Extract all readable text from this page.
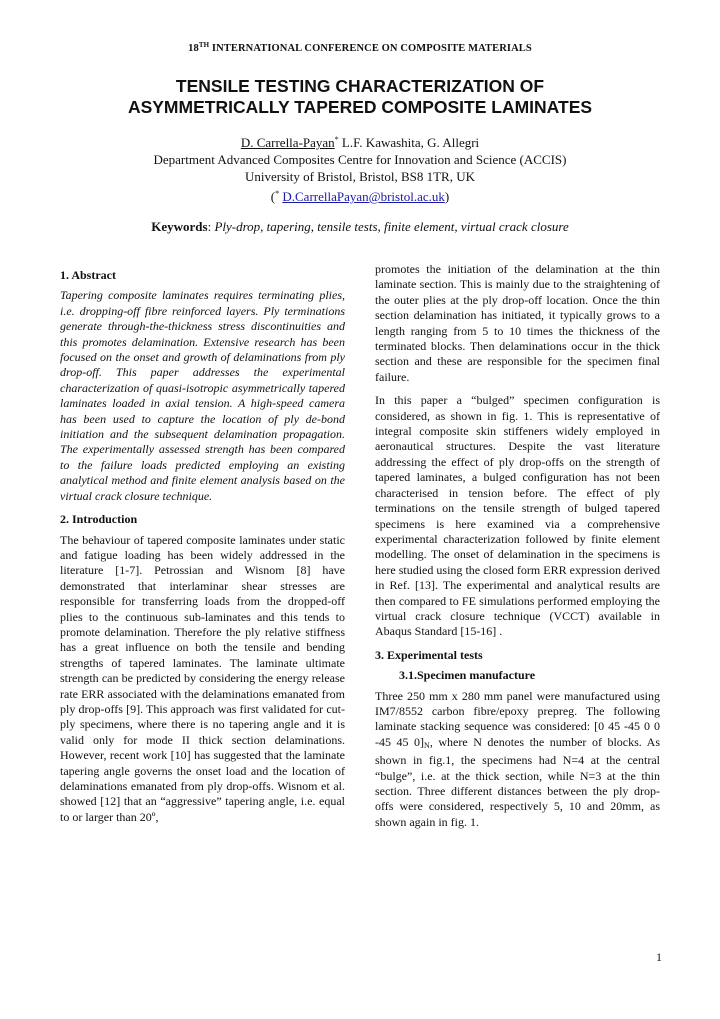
18TH INTERNATIONAL CONFERENCE ON COMPOSITE MATERIALS
TENSILE TESTING CHARACTERIZATION OF
ASYMMETRICALLY TAPERED COMPOSITE LAMINATES
D. Carrella-Payan* L.F. Kawashita, G. Allegri
Department Advanced Composites Centre for Innovation and Science (ACCIS)
University of Bristol, Bristol, BS8 1TR, UK
(* D.CarrellaPayan@bristol.ac.uk)
Keywords: Ply-drop, tapering, tensile tests, finite element, virtual crack closure
1. Abstract

Tapering composite laminates requires terminating plies, i.e. dropping-off fibre reinforced layers. Ply terminations generate through-the-thickness stress discontinuities and this promotes delamination. Extensive research has been focused on the onset and growth of delaminations from ply drop-off. This paper addresses the experimental characterization of quasi-isotropic asymmetrically tapered laminates loaded in axial tension. A high-speed camera has been used to capture the location of ply de-bond initiation and the subsequent delamination propagation. The experimentally assessed strength has been compared to the failure loads predicted employing an existing analytical method and finite element analysis based on the virtual crack closure technique.

2. Introduction

The behaviour of tapered composite laminates under static and fatigue loading has been widely addressed in the literature [1-7]. Petrossian and Wisnom [8] have demonstrated that interlaminar shear stresses are responsible for transferring loads from the dropped-off plies to the continuous sub-laminates and this tends to promote delamination. Therefore the ply relative stiffness has a great influence on both the tensile and bending strengths of tapered laminates. The laminate ultimate strength can be predicted by considering the energy release rate ERR associated with the delaminations emanated from ply drop-offs [9]. This approach was first validated for cut-ply specimens, where there is no tapering angle and it is valid only for mode II thick section delaminations. However, recent work [10] has suggested that the laminate tapering angle governs the onset load and the location of delaminations emanated from ply drop-offs. Wisnom et al. showed [12] that an “aggressive” tapering angle, i.e. equal to or larger than 20º,

promotes the initiation of the delamination at the thin laminate section. This is mainly due to the straightening of the outer plies at the ply drop-off location. Once the thin section delamination has initiated, it typically grows to a length ranging from 5 to 10 times the thickness of the terminated blocks. Then delaminations occur in the thick section and these are responsible for the specimen final failure.

In this paper a “bulged” specimen configuration is considered, as shown in fig. 1. This is representative of integral composite skin stiffeners widely employed in aeronautical structures. Despite the vast literature addressing the effect of ply drop-offs on the strength of tapered laminates, a bulged configuration has not been characterised in tension before. The effect of ply terminations on the tensile strength of bulged tapered specimens is here examined via a comprehensive experimental characterization followed by finite element modelling. The onset of delamination in the specimens is here studied using the closed form ERR expression derived in Ref. [13]. The experimental and analytical results are then compared to FE simulations performed employing the virtual crack closure technique (VCCT) available in Abaqus Standard [15-16] .

3. Experimental tests
3.1.Specimen manufacture

Three 250 mm x 280 mm panel were manufactured using IM7/8552 carbon fibre/epoxy prepreg. The following laminate stacking sequence was considered: [0 45 -45 0 0 -45 45 $0]_N$, where N denotes the number of blocks. As shown in fig.1, the specimens had N=4 at the central “bulge”, i.e. at the thick section, while N=3 at the thin section. Three different distances between the ply drop-offs were considered, respectively 5, 10 and 20mm, as shown again in fig. 1.

1
